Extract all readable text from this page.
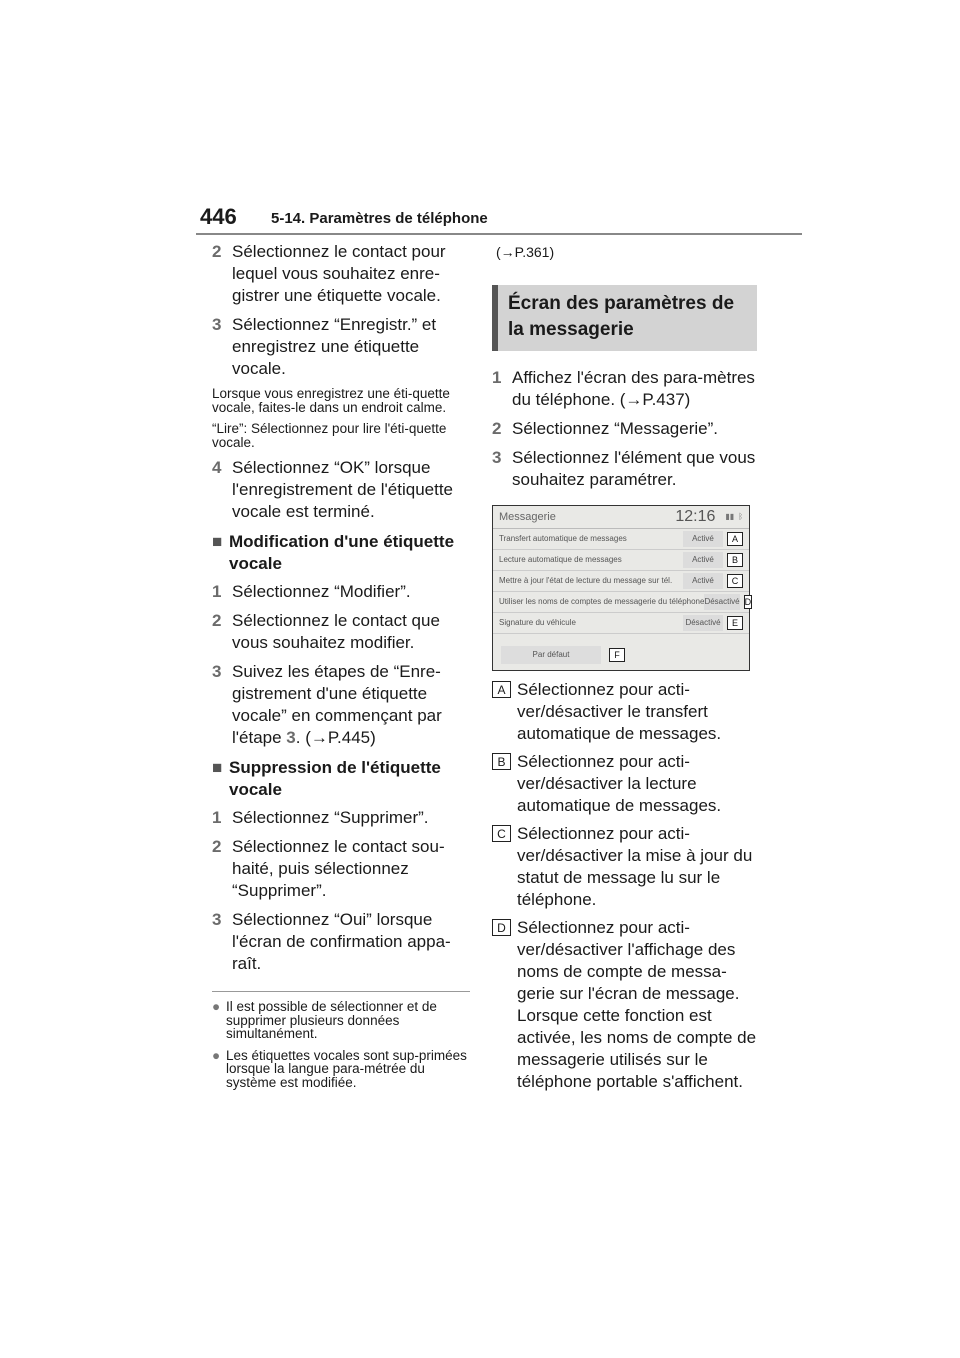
446 5-14. Paramètres de téléphone
2 Sélectionnez le contact pour lequel vous souhaitez enre-gistrer une étiquette vocale.
3 Sélectionnez “Enregistr.” et enregistrez une étiquette vocale.
Lorsque vous enregistrez une éti-quette vocale, faites-le dans un endroit calme.
“Lire”: Sélectionnez pour lire l'éti-quette vocale.
4 Sélectionnez “OK” lorsque l'enregistrement de l'étiquette vocale est terminé.
■ Modification d'une étiquette vocale
1 Sélectionnez “Modifier”.
2 Sélectionnez le contact que vous souhaitez modifier.
3 Suivez les étapes de “Enre-gistrement d'une étiquette vocale” en commençant par l'étape 3. (→P.445)
■ Suppression de l'étiquette vocale
1 Sélectionnez “Supprimer”.
2 Sélectionnez le contact sou-haité, puis sélectionnez “Supprimer”.
3 Sélectionnez “Oui” lorsque l'écran de confirmation appa-raît.
● Il est possible de sélectionner et de supprimer plusieurs données simultanément.
● Les étiquettes vocales sont sup-primées lorsque la langue para-métrée du système est modifiée.
(→P.361)
Écran des paramètres de la messagerie
1 Affichez l'écran des para-mètres du téléphone. (→P.437)
2 Sélectionnez “Messagerie”.
3 Sélectionnez l'élément que vous souhaitez paramétrer.
Messagerie	12:16 ▮▮ ᛒ
Transfert automatique de messages	Activé	A
Lecture automatique de messages	Activé	B
Mettre à jour l'état de lecture du message sur tél.	Activé	C
Utiliser les noms de comptes de messagerie du téléphone Désactivé D
Signature du véhicule	Désactivé	E
Par défaut	F
A Sélectionnez pour acti-ver/désactiver le transfert automatique de messages.
B Sélectionnez pour acti-ver/désactiver la lecture automatique de messages.
C Sélectionnez pour acti-ver/désactiver la mise à jour du statut de message lu sur le téléphone.
D Sélectionnez pour acti-ver/désactiver l'affichage des noms de compte de messa-gerie sur l'écran de message. Lorsque cette fonction est activée, les noms de compte de messagerie utilisés sur le téléphone portable s'affichent.
